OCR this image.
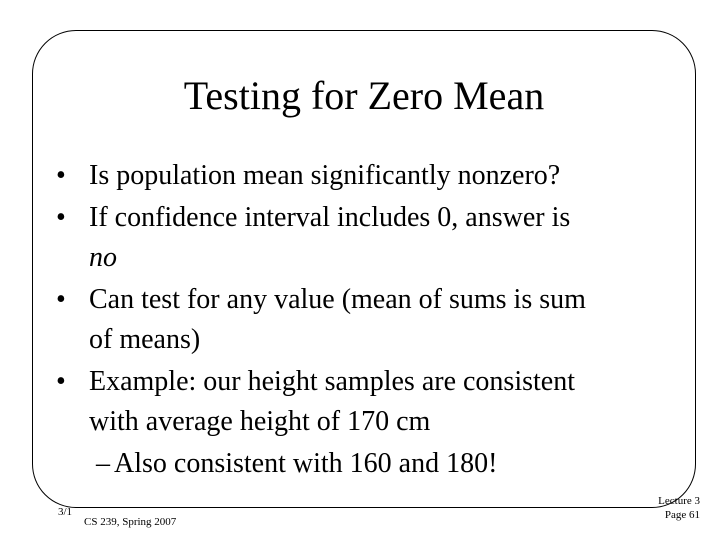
Testing for Zero Mean
• Is population mean significantly nonzero?
• If confidence interval includes 0, answer is
no
• Can test for any value (mean of sums is sum
of means)
• Example: our height samples are consistent
with average height of 170 cm
– Also consistent with 160 and 180!
3/1
CS 239, Spring 2007
Lecture 3
Page 61
